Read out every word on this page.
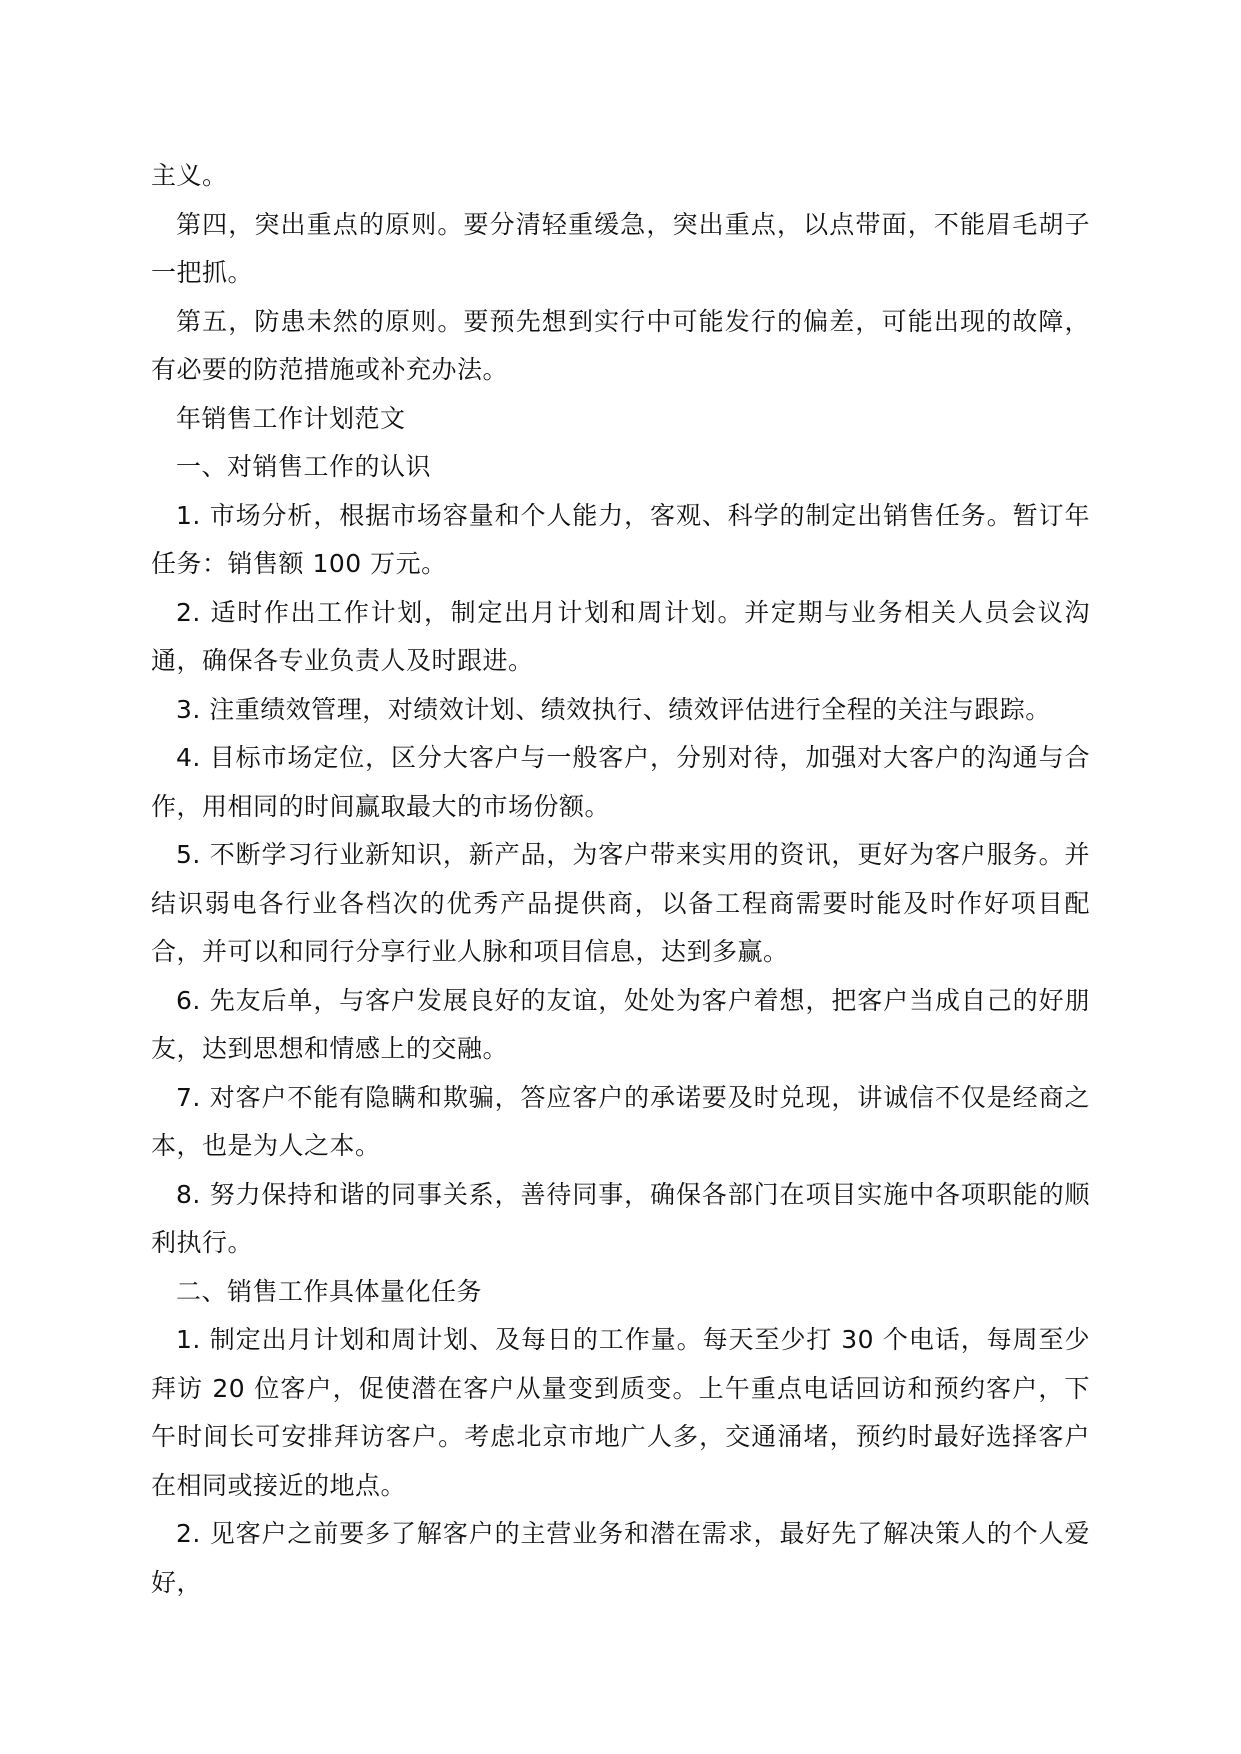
主义。

第四，突出重点的原则。要分清轻重缓急，突出重点，以点带面，不能眉毛胡子一把抓。

第五，防患未然的原则。要预先想到实行中可能发行的偏差，可能出现的故障，有必要的防范措施或补充办法。

年销售工作计划范文

一、对销售工作的认识

1. 市场分析，根据市场容量和个人能力，客观、科学的制定出销售任务。暂订年任务：销售额 100 万元。

2. 适时作出工作计划，制定出月计划和周计划。并定期与业务相关人员会议沟通，确保各专业负责人及时跟进。

3. 注重绩效管理，对绩效计划、绩效执行、绩效评估进行全程的关注与跟踪。

4. 目标市场定位，区分大客户与一般客户，分别对待，加强对大客户的沟通与合作，用相同的时间赢取最大的市场份额。

5. 不断学习行业新知识，新产品，为客户带来实用的资讯，更好为客户服务。并结识弱电各行业各档次的优秀产品提供商，以备工程商需要时能及时作好项目配合，并可以和同行分享行业人脉和项目信息，达到多赢。

6. 先友后单，与客户发展良好的友谊，处处为客户着想，把客户当成自己的好朋友，达到思想和情感上的交融。

7. 对客户不能有隐瞒和欺骗，答应客户的承诺要及时兑现，讲诚信不仅是经商之本，也是为人之本。

8. 努力保持和谐的同事关系，善待同事，确保各部门在项目实施中各项职能的顺利执行。

二、销售工作具体量化任务

1. 制定出月计划和周计划、及每日的工作量。每天至少打 30 个电话，每周至少拜访 20 位客户，促使潜在客户从量变到质变。上午重点电话回访和预约客户，下午时间长可安排拜访客户。考虑北京市地广人多，交通涌堵，预约时最好选择客户在相同或接近的地点。

2. 见客户之前要多了解客户的主营业务和潜在需求，最好先了解决策人的个人爱好，
